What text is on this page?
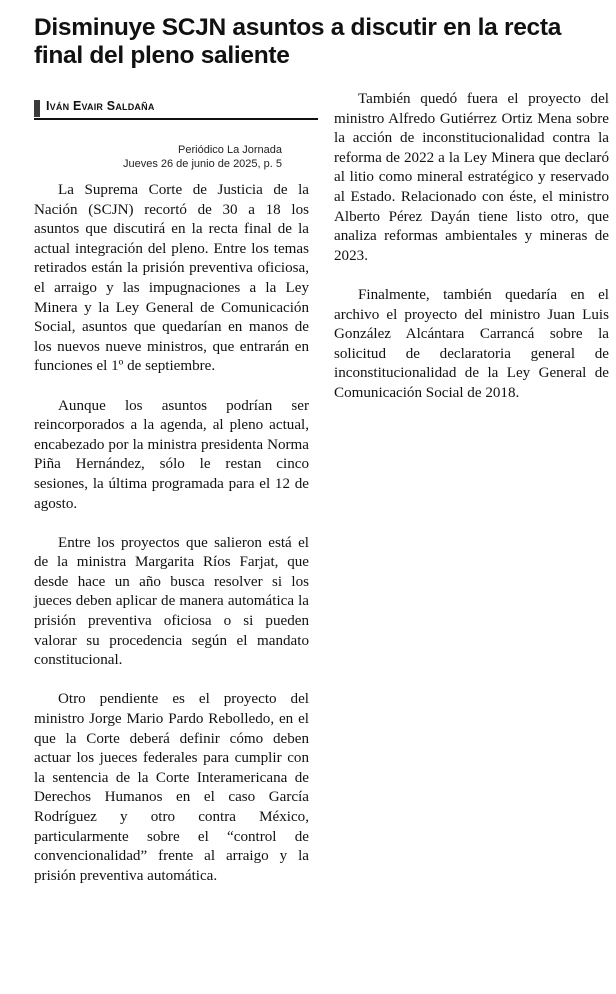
Disminuye SCJN asuntos a discutir en la recta final del pleno saliente
Iván Evair Saldaña
Periódico La Jornada
Jueves 26 de junio de 2025, p. 5

La Suprema Corte de Justicia de la Nación (SCJN) recortó de 30 a 18 los asuntos que discutirá en la recta final de la actual integración del pleno. Entre los temas retirados están la prisión preventiva oficiosa, el arraigo y las impugnaciones a la Ley Minera y la Ley General de Comunicación Social, asuntos que quedarían en manos de los nuevos nueve ministros, que entrarán en funciones el 1º de septiembre.

Aunque los asuntos podrían ser reincorporados a la agenda, al pleno actual, encabezado por la ministra presidenta Norma Piña Hernández, sólo le restan cinco sesiones, la última programada para el 12 de agosto.

Entre los proyectos que salieron está el de la ministra Margarita Ríos Farjat, que desde hace un año busca resolver si los jueces deben aplicar de manera automática la prisión preventiva oficiosa o si pueden valorar su procedencia según el mandato constitucional.

Otro pendiente es el proyecto del ministro Jorge Mario Pardo Rebolledo, en el que la Corte deberá definir cómo deben actuar los jueces federales para cumplir con la sentencia de la Corte Interamericana de Derechos Humanos en el caso García Rodríguez y otro contra México, particularmente sobre el “control de convencionalidad” frente al arraigo y la prisión preventiva automática.

También quedó fuera el proyecto del ministro Alfredo Gutiérrez Ortiz Mena sobre la acción de inconstitucionalidad contra la reforma de 2022 a la Ley Minera que declaró al litio como mineral estratégico y reservado al Estado. Relacionado con éste, el ministro Alberto Pérez Dayán tiene listo otro, que analiza reformas ambientales y mineras de 2023.

Finalmente, también quedaría en el archivo el proyecto del ministro Juan Luis González Alcántara Carrancá sobre la solicitud de declaratoria general de inconstitucionalidad de la Ley General de Comunicación Social de 2018.
